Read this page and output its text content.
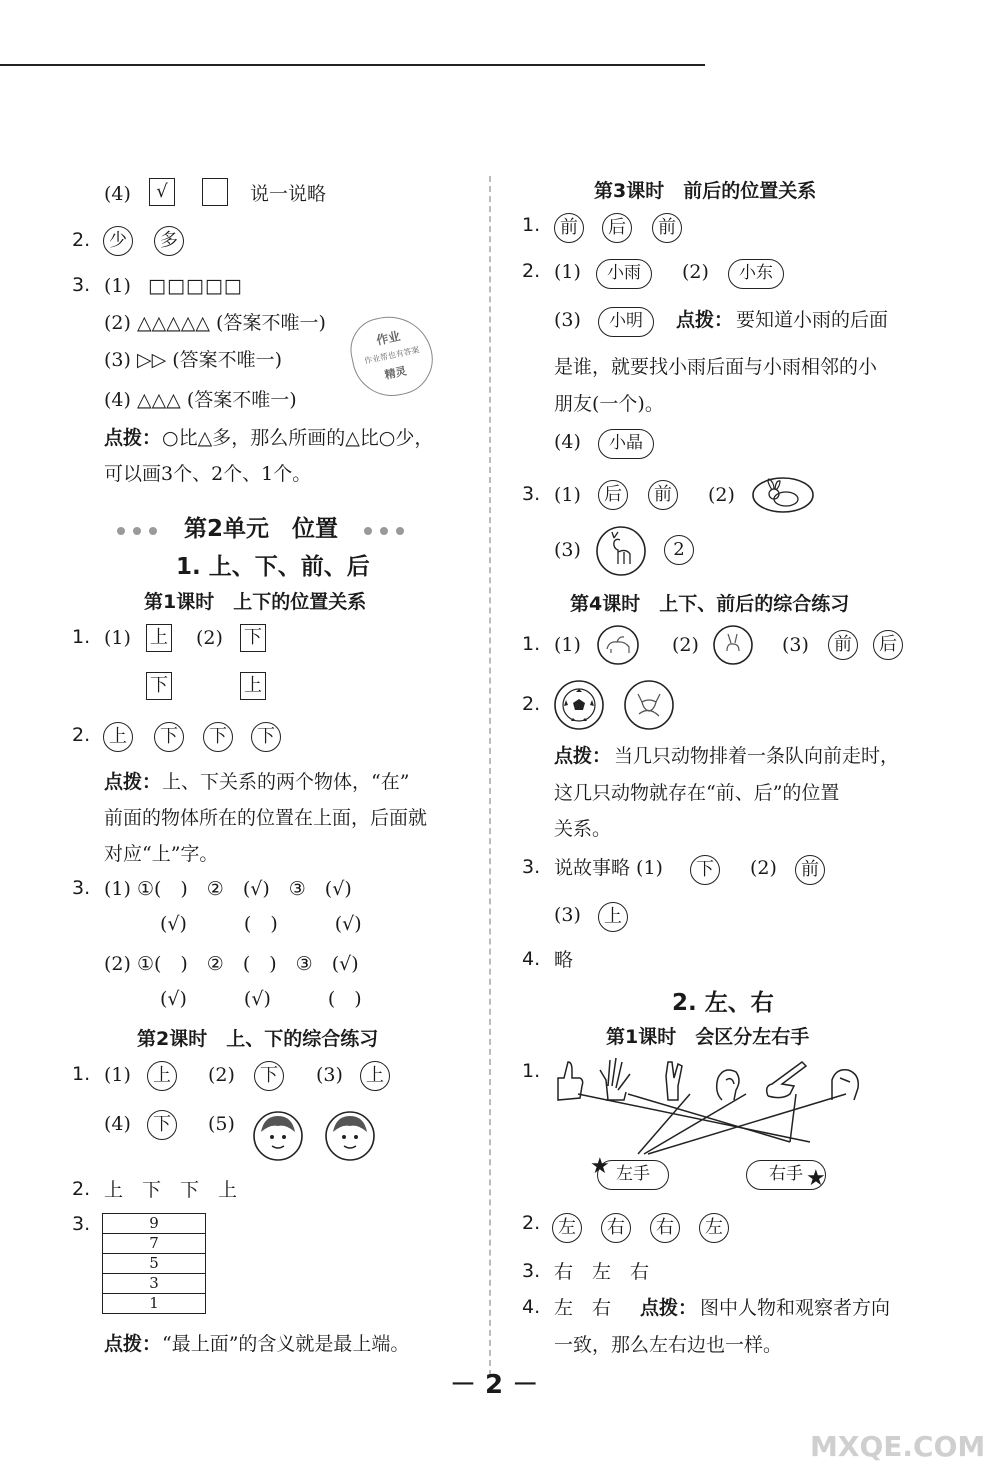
(4)	√	说一说略
2.	少	多
3. (1) □□□□□
(2) △△△△△ (答案不唯一)
(3) ▷▷ (答案不唯一)
(4) △△△ (答案不唯一)
作业
作业帮也有答案
精灵
点拨： ○比△多，那么所画的△比○少，
可以画3个、2个、1个。
第2单元　位置
1. 上、下、前、后
第1课时　上下的位置关系
1. (1) 上 (2) 下
下	上
2.	上	下	下	下
点拨： 上、下关系的两个物体，“在”
前面的物体所在的位置在上面，后面就
对应“上”字。
3. (1) ①(　)　②　(√)　③　(√)
(√)　　　(　)　　　(√)
(2) ①(　)　②　(　)　③　(√)
(√)　　　(√)　　　(　)
第2课时　上、下的综合练习
1. (1)	上	(2)	下	(3)	上
(4)	下	(5)
2. 上　下　下　上
3.	9
7
5
3
1
点拨： “最上面”的含义就是最上端。
第3课时　前后的位置关系
1.	前	后	前
2. (1)	小雨	(2)	小东
(3)	小明	点拨： 要知道小雨的后面
是谁，就要找小雨后面与小雨相邻的小
朋友(一个)。
(4)	小晶
3. (1)	后	前	(2)
(3)	2
第4课时　上下、前后的综合练习
1. (1)	(2)	(3)	前	后
2.
点拨： 当几只动物排着一条队向前走时，
这几只动物就存在“前、后”的位置
关系。
3. 说故事略 (1)	下	(2)	前
(3)	上
4. 略
2. 左、右
第1课时　会区分左右手
1.
左手	右手
★	★
2. 左	右	右	左
3. 右　左　右
4. 左　右 点拨： 图中人物和观察者方向
一致，那么左右边也一样。
－ 2 －
MXQE.COM
